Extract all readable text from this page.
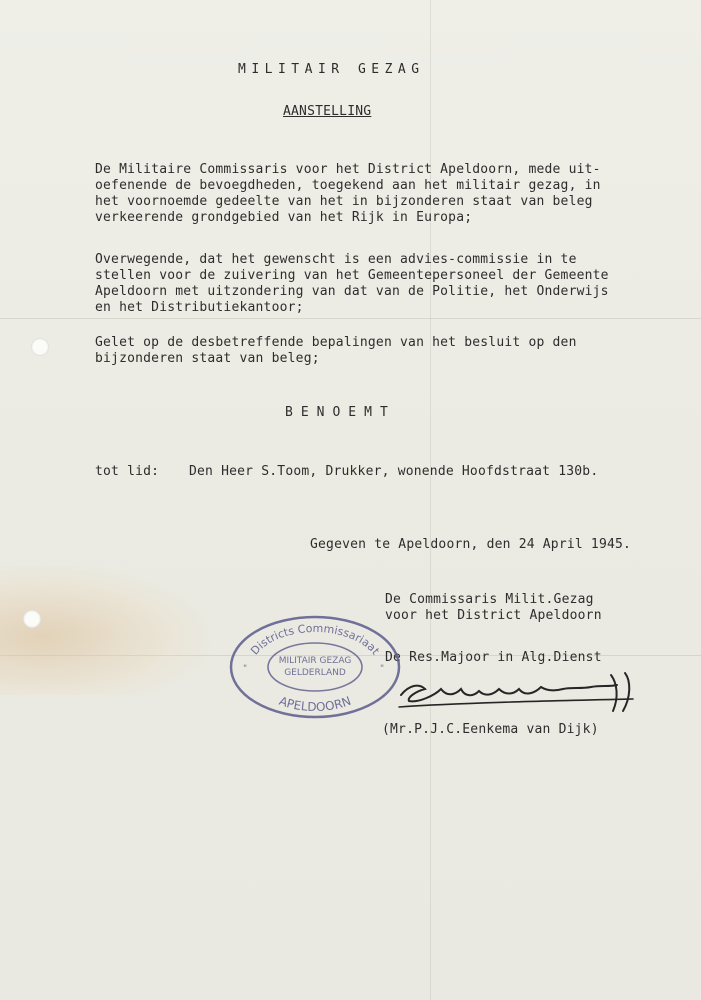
MILITAIR GEZAG

AANSTELLING

De Militaire Commissaris voor het District Apeldoorn, mede uit-

oefenende de bevoegdheden, toegekend aan het militair gezag, in

het voornoemde gedeelte van het in bijzonderen staat van beleg

verkeerende grondgebied van het Rijk in Europa;

Overwegende, dat het gewenscht is een advies-commissie in te

stellen voor de zuivering van het Gemeentepersoneel der Gemeente

Apeldoorn met uitzondering van dat van de Politie, het Onderwijs

en het Distributiekantoor;

Gelet op de desbetreffende bepalingen van het besluit op den

bijzonderen staat van beleg;

BENOEMT

tot lid: Den Heer S.Toom, Drukker, wonende Hoofdstraat 130b.

Gegeven te Apeldoorn, den 24 April 1945.

De Commissaris Milit.Gezag

voor het District Apeldoorn

De Res.Majoor in Alg.Dienst

Districts Commissariaat
MILITAIR GEZAG
GELDERLAND
APELDOORN
"	"

(Mr.P.J.C.Eenkema van Dijk)
